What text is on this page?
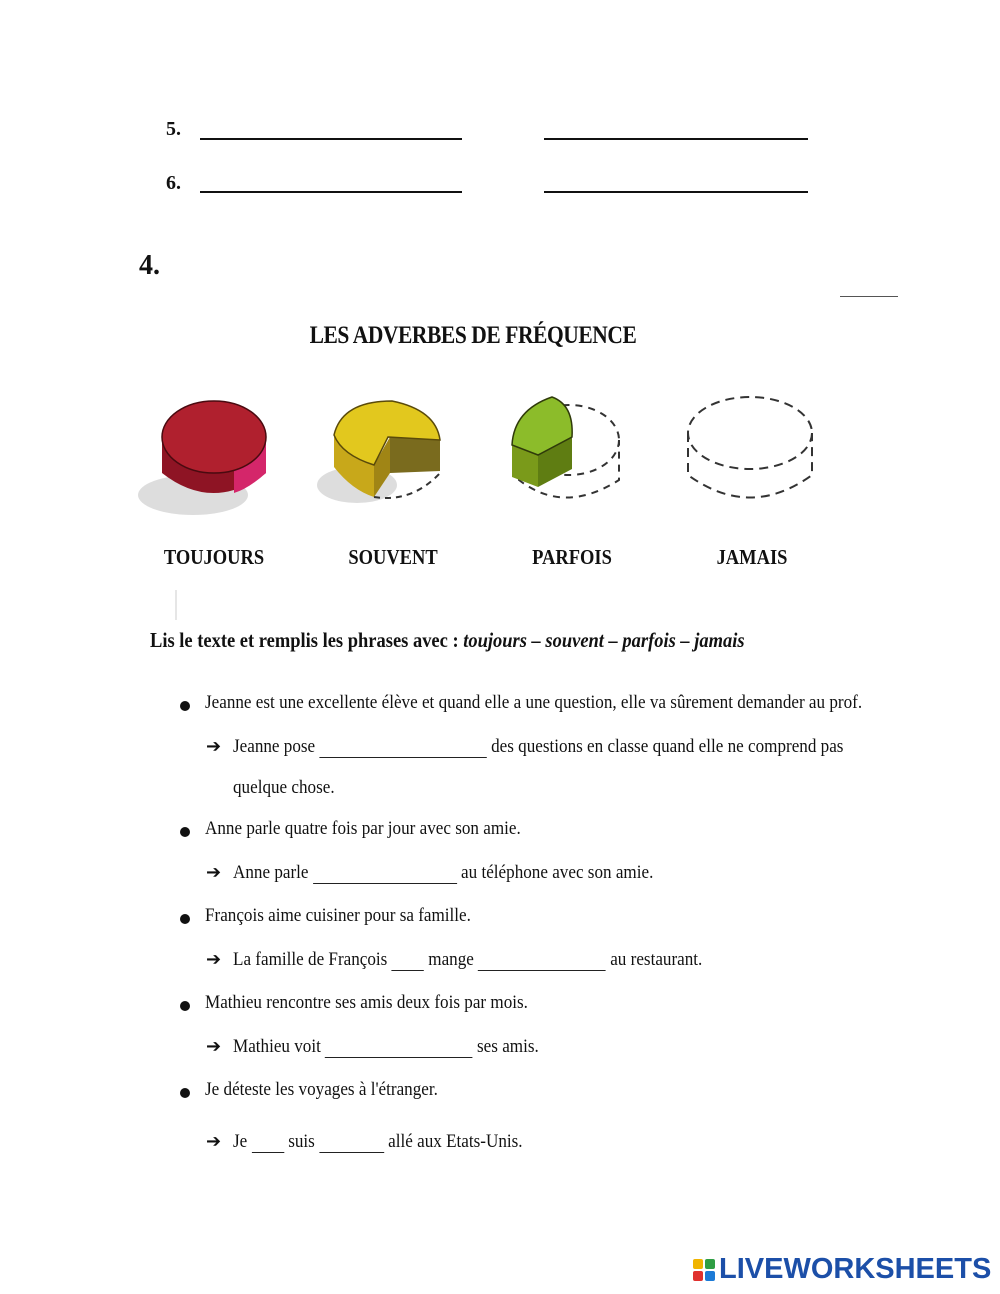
5.
6.
4.
LES ADVERBES DE FRÉQUENCE
TOUJOURS	SOUVENT	PARFOIS	JAMAIS
Lis le texte et remplis les phrases avec : toujours – souvent – parfois – jamais
Jeanne est une excellente élève et quand elle a une question, elle va sûrement demander au prof.
➔ Jeanne pose	des questions en classe quand elle ne comprend pas
quelque chose.
Anne parle quatre fois par jour avec son amie.
➔ Anne parle	au téléphone avec son amie.
François aime cuisiner pour sa famille.
➔ La famille de François mange	au restaurant.
Mathieu rencontre ses amis deux fois par mois.
➔ Mathieu voit	ses amis.
Je déteste les voyages à l'étranger.
➔ Je suis	allé aux Etats-Unis.
LIVEWORKSHEETS
